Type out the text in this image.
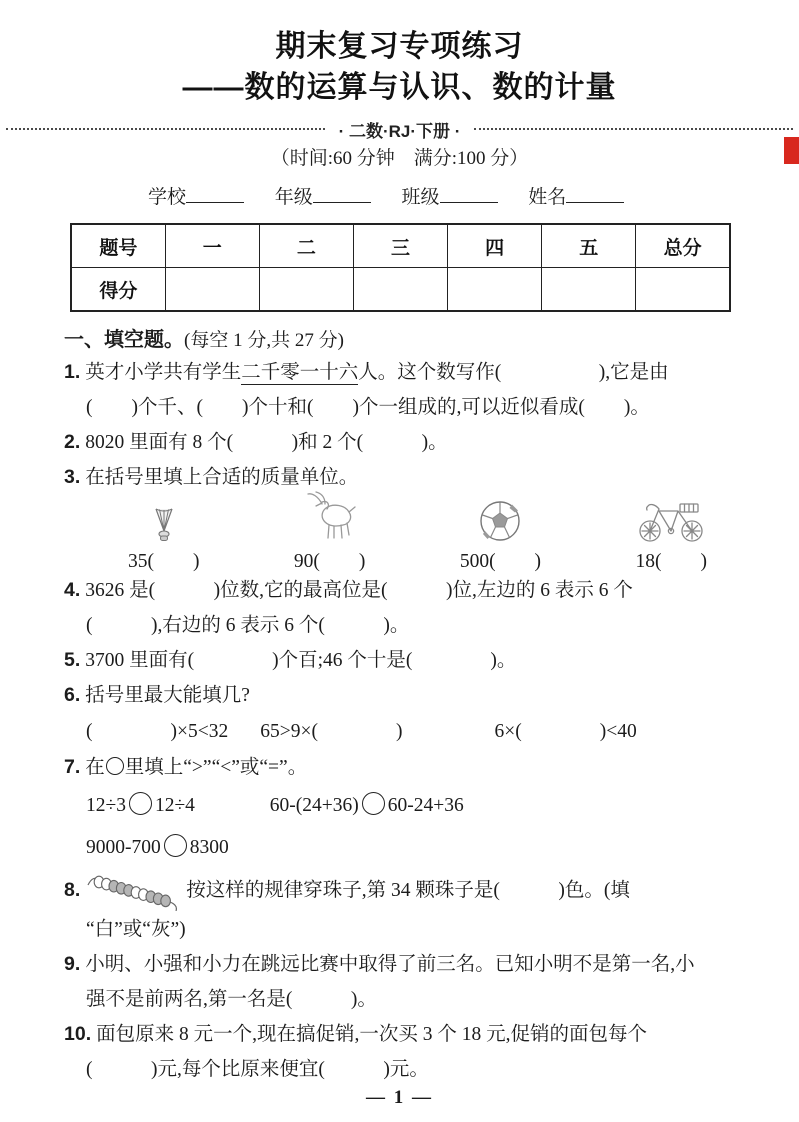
期末复习专项练习
——数的运算与认识、数的计量
· 二数·RJ·下册 ·
（时间:60 分钟　满分:100 分）
学校	年级	班级	姓名
题号	一	二	三	四	五	总分
得分						
一、填空题。(每空 1 分,共 27 分)
1. 英才小学共有学生二千零一十六人。这个数写作(　　　　　),它是由
(　　)个千、(　　)个十和(　　)个一组成的,可以近似看成(　　)。
2. 8020 里面有 8 个(　　　)和 2 个(　　　)。
3. 在括号里填上合适的质量单位。
35(　　)	90(　　)	500(　　)	18(　　)
4. 3626 是(　　　)位数,它的最高位是(　　　)位,左边的 6 表示 6 个
(　　　),右边的 6 表示 6 个(　　　)。
5. 3700 里面有(　　　　)个百;46 个十是(　　　　)。
6. 括号里最大能填几?
(　　　　)×5<32 65>9×(　　　　)	6×(　　　　)<40
7. 在 里填上“>”“<”或“=”。
12÷3 12÷4	60-(24+36) 60-24+36
9000-700 8300
8.	按这样的规律穿珠子,第 34 颗珠子是(　　　)色。(填
“白”或“灰”)
9. 小明、小强和小力在跳远比赛中取得了前三名。已知小明不是第一名,小
强不是前两名,第一名是(　　　)。
10. 面包原来 8 元一个,现在搞促销,一次买 3 个 18 元,促销的面包每个
(　　　)元,每个比原来便宜(　　　)元。
— 1 —
